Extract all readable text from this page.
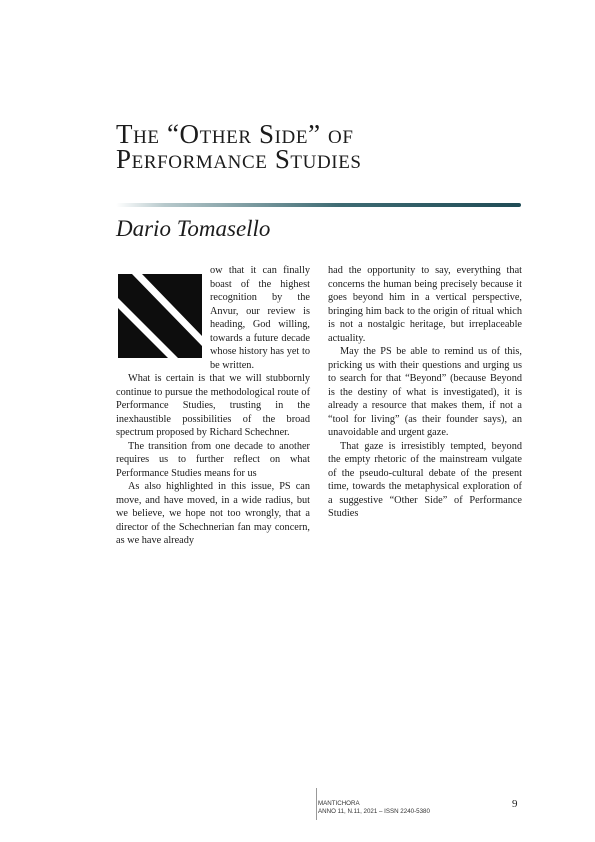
The “Other Side” of
Performance Studies
Dario Tomasello

ow that it can finally boast of the highest recognition by the Anvur, our review is heading, God willing, towards a future decade whose history has yet to be written.

What is certain is that we will stubbornly continue to pursue the methodological route of Performance Studies, trusting in the inexhaustible possibilities of the broad spectrum proposed by Richard Schechner.

The transition from one decade to another requires us to further reflect on what Performance Studies means for us

As also highlighted in this issue, PS can move, and have moved, in a wide radius, but we believe, we hope not too wrongly, that a director of the Schechnerian fan may concern, as we have already

had the opportunity to say, everything that concerns the human being precisely because it goes beyond him in a vertical perspective, bringing him back to the origin of ritual which is not a nostalgic heritage, but irreplaceable actuality.

May the PS be able to remind us of this, pricking us with their questions and urging us to search for that “Beyond” (because Beyond is the destiny of what is investigated), it is already a resource that makes them, if not a “tool for living” (as their founder says), an unavoidable and urgent gaze.

That gaze is irresistibly tempted, beyond the empty rhetoric of the mainstream vulgate of the pseudo-cultural debate of the present time, towards the metaphysical exploration of a suggestive “Other Side” of Performance Studies

MANTICHORA
ANNO 11, N.11, 2021 – ISSN 2240-5380
9
